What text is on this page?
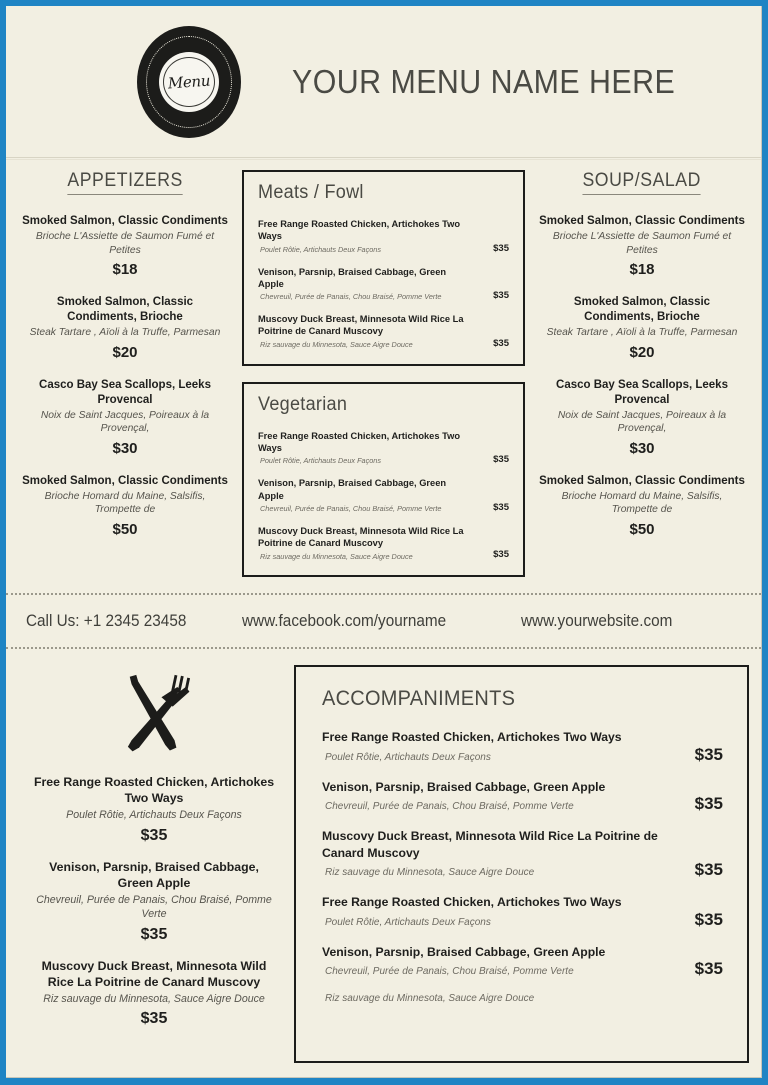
Menu	YOUR MENU NAME HERE
APPETIZERS
Smoked Salmon, Classic Condiments
Brioche L'Assiette de Saumon Fumé et Petites
$18
Smoked Salmon, Classic Condiments, Brioche
Steak Tartare , Aïoli à la Truffe, Parmesan
$20
Casco Bay Sea Scallops, Leeks Provencal
Noix de Saint Jacques, Poireaux à la Provençal,
$30
Smoked Salmon, Classic Condiments
Brioche Homard du Maine, Salsifis, Trompette de
$50
Meats / Fowl
Free Range Roasted Chicken, Artichokes Two Ways
Poulet Rôtie, Artichauts Deux Façons	$35
Venison, Parsnip, Braised Cabbage, Green Apple
Chevreuil, Purée de Panais, Chou Braisé, Pomme Verte	$35
Muscovy Duck Breast, Minnesota Wild Rice La Poitrine de Canard Muscovy
Riz sauvage du Minnesota, Sauce Aigre Douce	$35
Vegetarian
Free Range Roasted Chicken, Artichokes Two Ways
Poulet Rôtie, Artichauts Deux Façons	$35
Venison, Parsnip, Braised Cabbage, Green Apple
Chevreuil, Purée de Panais, Chou Braisé, Pomme Verte	$35
Muscovy Duck Breast, Minnesota Wild Rice La Poitrine de Canard Muscovy
Riz sauvage du Minnesota, Sauce Aigre Douce	$35
SOUP/SALAD
Smoked Salmon, Classic Condiments
Brioche L'Assiette de Saumon Fumé et Petites
$18
Smoked Salmon, Classic Condiments, Brioche
Steak Tartare , Aïoli à la Truffe, Parmesan
$20
Casco Bay Sea Scallops, Leeks Provencal
Noix de Saint Jacques, Poireaux à la Provençal,
$30
Smoked Salmon, Classic Condiments
Brioche Homard du Maine, Salsifis, Trompette de
$50
Call Us: +1 2345 23458	www.facebook.com/yourname	www.yourwebsite.com
Free Range Roasted Chicken, Artichokes Two Ways
Poulet Rôtie, Artichauts Deux Façons
$35
Venison, Parsnip, Braised Cabbage, Green Apple
Chevreuil, Purée de Panais, Chou Braisé, Pomme Verte
$35
Muscovy Duck Breast, Minnesota Wild Rice La Poitrine de Canard Muscovy
Riz sauvage du Minnesota, Sauce Aigre Douce
$35
ACCOMPANIMENTS
Free Range Roasted Chicken, Artichokes Two Ways
Poulet Rôtie, Artichauts Deux Façons	$35
Venison, Parsnip, Braised Cabbage, Green Apple
Chevreuil, Purée de Panais, Chou Braisé, Pomme Verte	$35
Muscovy Duck Breast, Minnesota Wild Rice La Poitrine de Canard Muscovy
Riz sauvage du Minnesota, Sauce Aigre Douce	$35
Free Range Roasted Chicken, Artichokes Two Ways
Poulet Rôtie, Artichauts Deux Façons	$35
Venison, Parsnip, Braised Cabbage, Green Apple
Chevreuil, Purée de Panais, Chou Braisé, Pomme Verte	$35
Riz sauvage du Minnesota, Sauce Aigre Douce
